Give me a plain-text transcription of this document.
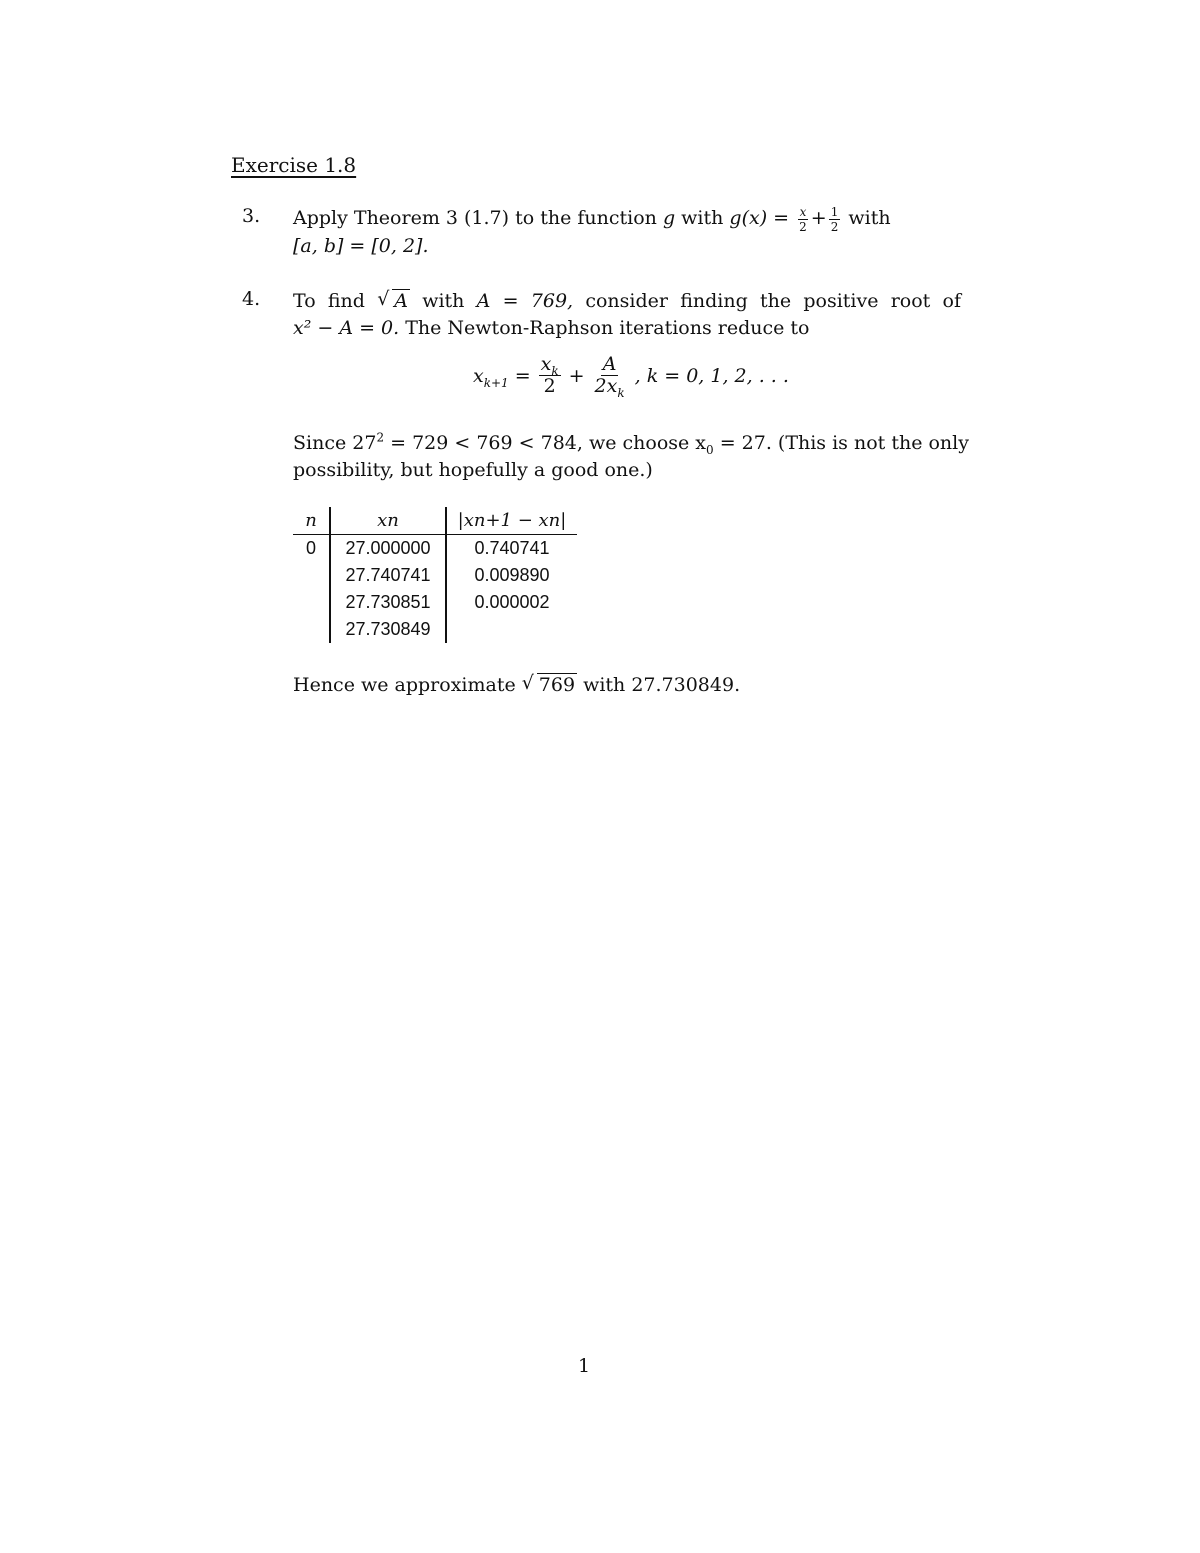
Exercise 1.8
3. Apply Theorem 3 (1.7) to the function g with $g(x) = \frac{x}{2} + \frac{1}{2}$ with
[a, b] = [0, 2].
4. To find √ A with A = 769, consider finding the positive root of
x² − A = 0. The Newton-Raphson iterations reduce to
$x_{k+1} = \frac{x_k}{2} + \frac{A}{2x_k}$ , k = 0, 1, 2, . . .
Since $27^2 = 729 < 769 < 784$, we choose $x_0 = 27$. (This is not the only
possibility, but hopefully a good one.)
n	xn	|xn+1 − xn|
0	27.000000	0.740741
	27.740741	0.009890
	27.730851	0.000002
	27.730849	
Hence we approximate √ 769 with 27.730849.
1
